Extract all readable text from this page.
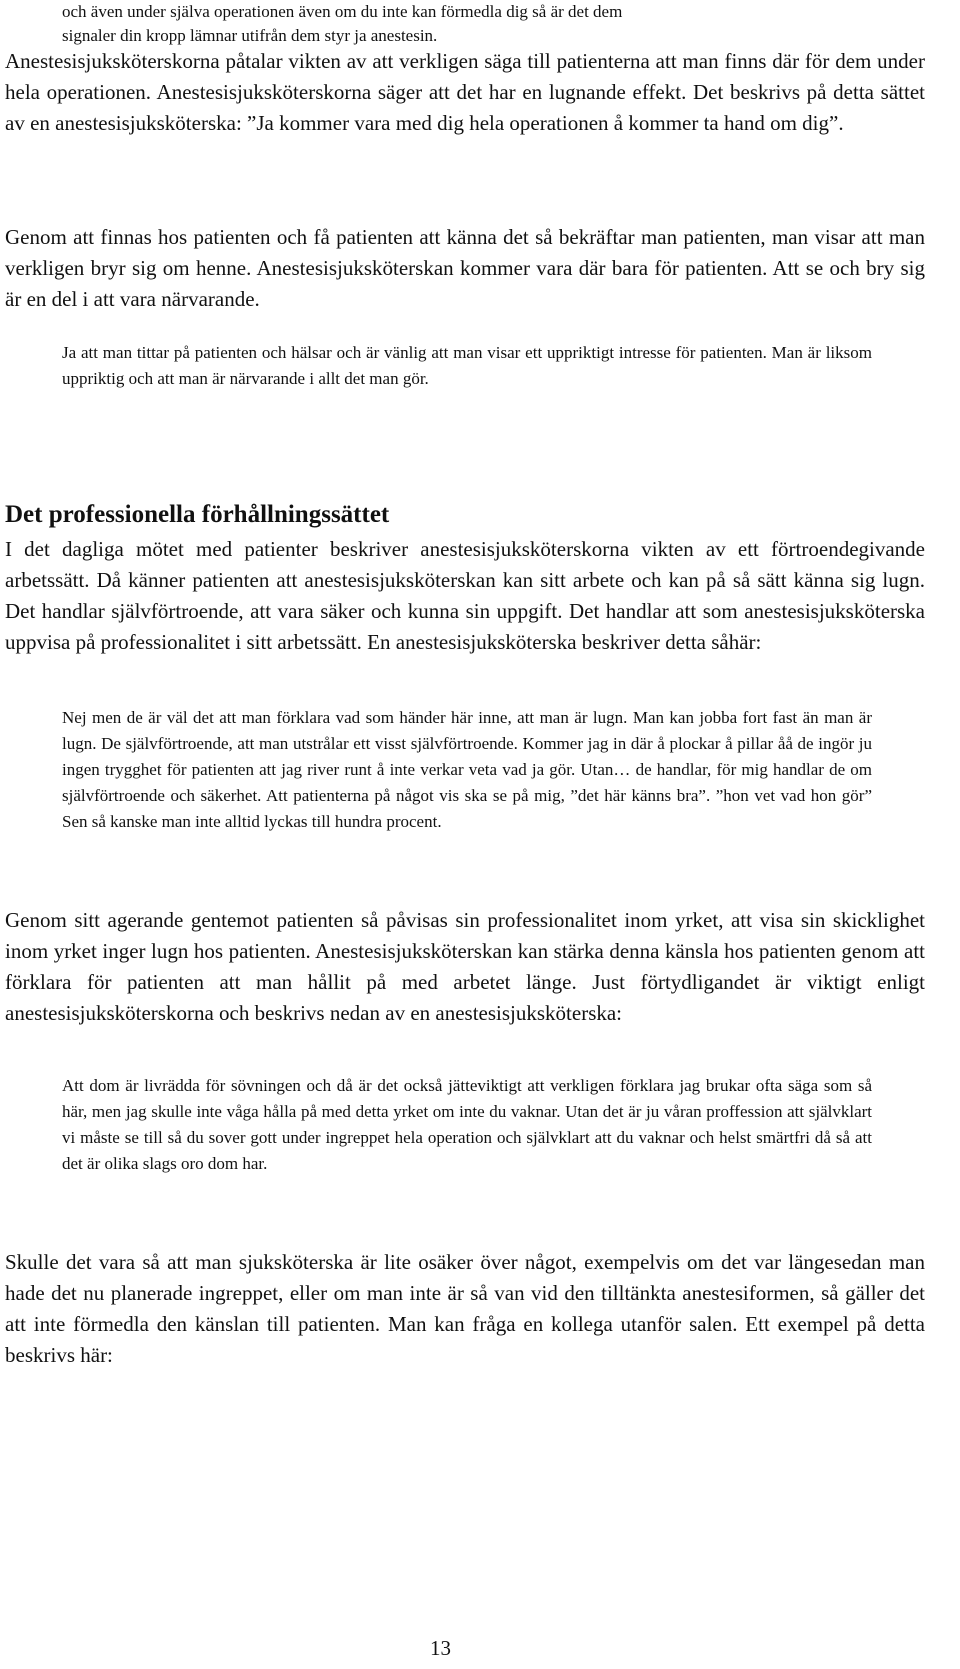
och även under själva operationen även om du inte kan förmedla dig så är det dem
signaler din kropp lämnar utifrån dem styr ja anestesin.

Anestesisjuksköterskorna påtalar vikten av att verkligen säga till patienterna att man finns där för dem under hela operationen. Anestesisjuksköterskorna säger att det har en lugnande effekt. Det beskrivs på detta sättet av en anestesisjuksköterska: ”Ja kommer vara med dig hela operationen å kommer ta hand om dig”.

Genom att finnas hos patienten och få patienten att känna det så bekräftar man patienten, man visar att man verkligen bryr sig om henne. Anestesisjuksköterskan kommer vara där bara för patienten. Att se och bry sig är en del i att vara närvarande.

Ja att man tittar på patienten och hälsar och är vänlig att man visar ett uppriktigt intresse för patienten. Man är liksom uppriktig och att man är närvarande i allt det man gör.

Det professionella förhållningssättet

I det dagliga mötet med patienter beskriver anestesisjuksköterskorna vikten av ett förtroendegivande arbetssätt. Då känner patienten att anestesisjuksköterskan kan sitt arbete och kan på så sätt känna sig lugn. Det handlar självförtroende, att vara säker och kunna sin uppgift. Det handlar att som anestesisjuksköterska uppvisa på professionalitet i sitt arbetssätt. En anestesisjuksköterska beskriver detta såhär:

Nej men de är väl det att man förklara vad som händer här inne, att man är lugn. Man kan jobba fort fast än man är lugn. De självförtroende, att man utstrålar ett visst självförtroende. Kommer jag in där å plockar å pillar åå de ingör ju ingen trygghet för patienten att jag river runt å inte verkar veta vad ja gör. Utan… de handlar, för mig handlar de om självförtroende och säkerhet. Att patienterna på något vis ska se på mig, ”det här känns bra”. ”hon vet vad hon gör” Sen så kanske man inte alltid lyckas till hundra procent.

Genom sitt agerande gentemot patienten så påvisas sin professionalitet inom yrket, att visa sin skicklighet inom yrket inger lugn hos patienten. Anestesisjuksköterskan kan stärka denna känsla hos patienten genom att förklara för patienten att man hållit på med arbetet länge. Just förtydligandet är viktigt enligt anestesisjuksköterskorna och beskrivs nedan av en anestesisjuksköterska:

Att dom är livrädda för sövningen och då är det också jätteviktigt att verkligen förklara jag brukar ofta säga som så här, men jag skulle inte våga hålla på med detta yrket om inte du vaknar. Utan det är ju våran proffession att självklart vi måste se till så du sover gott under ingreppet hela operation och självklart att du vaknar och helst smärtfri då så att det är olika slags oro dom har.

Skulle det vara så att man sjuksköterska är lite osäker över något, exempelvis om det var längesedan man hade det nu planerade ingreppet, eller om man inte är så van vid den tilltänkta anestesiformen, så gäller det att inte förmedla den känslan till patienten. Man kan fråga en kollega utanför salen. Ett exempel på detta beskrivs här:

13
